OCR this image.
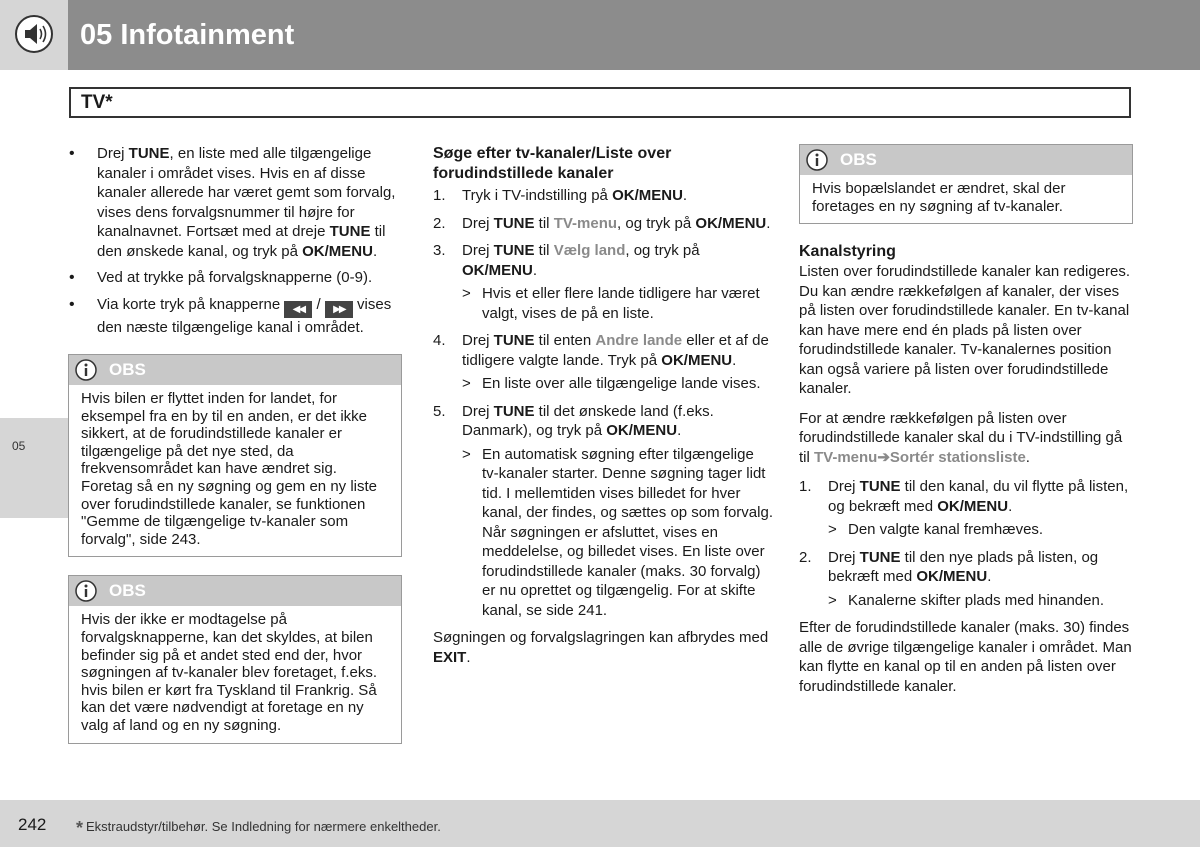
05 Infotainment
05
TV*
• Drej TUNE, en liste med alle tilgængelige kanaler i området vises. Hvis en af disse kanaler allerede har været gemt som forvalg, vises dens forvalgsnummer til højre for kanalnavnet. Fortsæt med at dreje TUNE til den ønskede kanal, og tryk på OK/MENU.
• Ved at trykke på forvalgsknapperne (0-9).
• Via korte tryk på knapperne ◀◀ / ▶▶ vises den næste tilgængelige kanal i området.
OBS
Hvis bilen er flyttet inden for landet, for eksempel fra en by til en anden, er det ikke sikkert, at de forudindstillede kanaler er tilgængelige på det nye sted, da frekvensområdet kan have ændret sig. Foretag så en ny søgning og gem en ny liste over forudindstillede kanaler, se funktionen "Gemme de tilgængelige tv-kanaler som forvalg", side 243.
OBS
Hvis der ikke er modtagelse på forvalgsknapperne, kan det skyldes, at bilen befinder sig på et andet sted end der, hvor søgningen af tv-kanaler blev foretaget, f.eks. hvis bilen er kørt fra Tyskland til Frankrig. Så kan det være nødvendigt at foretage en ny valg af land og en ny søgning.
Søge efter tv-kanaler/Liste over forudindstillede kanaler
1. Tryk i TV-indstilling på OK/MENU.
2. Drej TUNE til TV-menu, og tryk på OK/MENU.
3. Drej TUNE til Vælg land, og tryk på OK/MENU.
> Hvis et eller flere lande tidligere har været valgt, vises de på en liste.
4. Drej TUNE til enten Andre lande eller et af de tidligere valgte lande. Tryk på OK/MENU.
> En liste over alle tilgængelige lande vises.
5. Drej TUNE til det ønskede land (f.eks. Danmark), og tryk på OK/MENU.
> En automatisk søgning efter tilgængelige tv-kanaler starter. Denne søgning tager lidt tid. I mellemtiden vises billedet for hver kanal, der findes, og sættes op som forvalg. Når søgningen er afsluttet, vises en meddelelse, og billedet vises. En liste over forudindstillede kanaler (maks. 30 forvalg) er nu oprettet og tilgængelig. For at skifte kanal, se side 241.

Søgningen og forvalgslagringen kan afbrydes med EXIT.

OBS
Hvis bopælslandet er ændret, skal der foretages en ny søgning af tv-kanaler.
Kanalstyring

Listen over forudindstillede kanaler kan redigeres. Du kan ændre rækkefølgen af kanaler, der vises på listen over forudindstillede kanaler. En tv-kanal kan have mere end én plads på listen over forudindstillede kanaler. Tv-kanalernes position kan også variere på listen over forudindstillede kanaler.

For at ændre rækkefølgen på listen over forudindstillede kanaler skal du i TV-indstilling gå til TV-menu➔Sortér stationsliste.

1. Drej TUNE til den kanal, du vil flytte på listen, og bekræft med OK/MENU.
> Den valgte kanal fremhæves.
2. Drej TUNE til den nye plads på listen, og bekræft med OK/MENU.
> Kanalerne skifter plads med hinanden.

Efter de forudindstillede kanaler (maks. 30) findes alle de øvrige tilgængelige kanaler i området. Man kan flytte en kanal op til en anden på listen over forudindstillede kanaler.

242 * Ekstraudstyr/tilbehør. Se Indledning for nærmere enkeltheder.
